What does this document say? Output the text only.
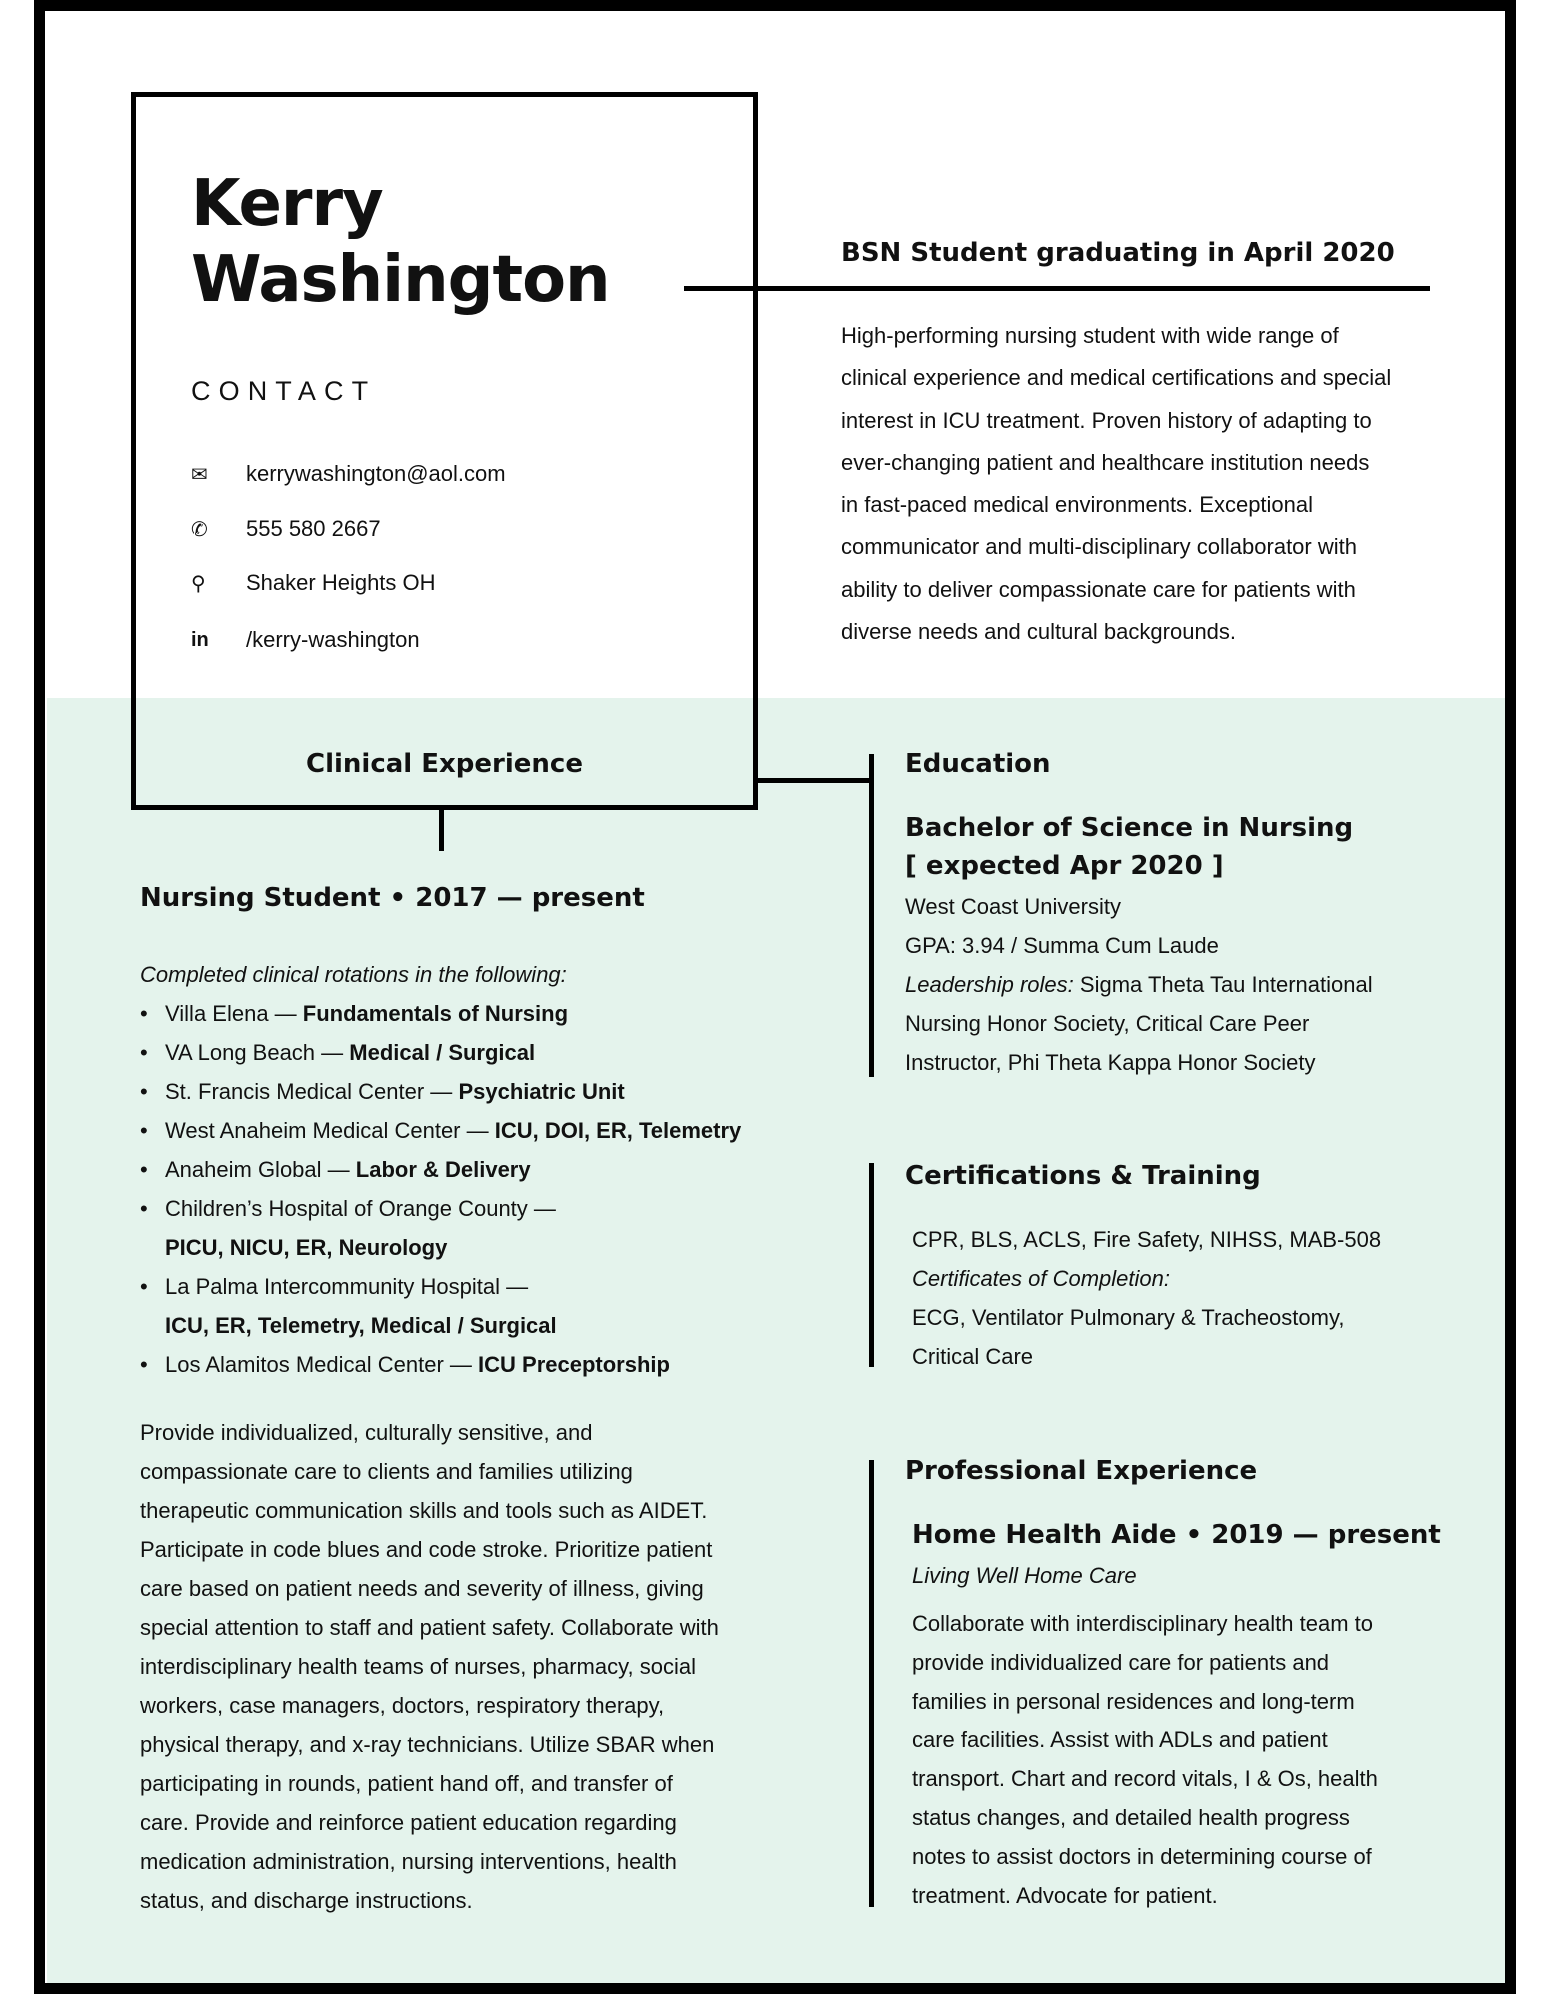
Kerry
Washington
CONTACT
✉	kerrywashington@aol.com
✆	555 580 2667
⚲	Shaker Heights OH
in	/kerry-washington
BSN Student graduating in April 2020
High-performing nursing student with wide range of
clinical experience and medical certifications and special
interest in ICU treatment. Proven history of adapting to
ever-changing patient and healthcare institution needs
in fast-paced medical environments. Exceptional
communicator and multi-disciplinary collaborator with
ability to deliver compassionate care for patients with
diverse needs and cultural backgrounds.
Clinical Experience
Nursing Student • 2017 — present
Completed clinical rotations in the following:
• Villa Elena — Fundamentals of Nursing
• VA Long Beach — Medical / Surgical
• St. Francis Medical Center — Psychiatric Unit
• West Anaheim Medical Center — ICU, DOI, ER, Telemetry
• Anaheim Global — Labor & Delivery
• Children’s Hospital of Orange County —
PICU, NICU, ER, Neurology
• La Palma Intercommunity Hospital —
ICU, ER, Telemetry, Medical / Surgical
• Los Alamitos Medical Center — ICU Preceptorship
Provide individualized, culturally sensitive, and
compassionate care to clients and families utilizing
therapeutic communication skills and tools such as AIDET.
Participate in code blues and code stroke. Prioritize patient
care based on patient needs and severity of illness, giving
special attention to staff and patient safety. Collaborate with
interdisciplinary health teams of nurses, pharmacy, social
workers, case managers, doctors, respiratory therapy,
physical therapy, and x-ray technicians. Utilize SBAR when
participating in rounds, patient hand off, and transfer of
care. Provide and reinforce patient education regarding
medication administration, nursing interventions, health
status, and discharge instructions.
Education
Bachelor of Science in Nursing
[ expected Apr 2020 ]
West Coast University
GPA: 3.94 / Summa Cum Laude
Leadership roles: Sigma Theta Tau International
Nursing Honor Society, Critical Care Peer
Instructor, Phi Theta Kappa Honor Society
Certifications & Training
CPR, BLS, ACLS, Fire Safety, NIHSS, MAB-508
Certificates of Completion:
ECG, Ventilator Pulmonary & Tracheostomy,
Critical Care
Professional Experience
Home Health Aide • 2019 — present
Living Well Home Care
Collaborate with interdisciplinary health team to
provide individualized care for patients and
families in personal residences and long-term
care facilities. Assist with ADLs and patient
transport. Chart and record vitals, I & Os, health
status changes, and detailed health progress
notes to assist doctors in determining course of
treatment. Advocate for patient.
